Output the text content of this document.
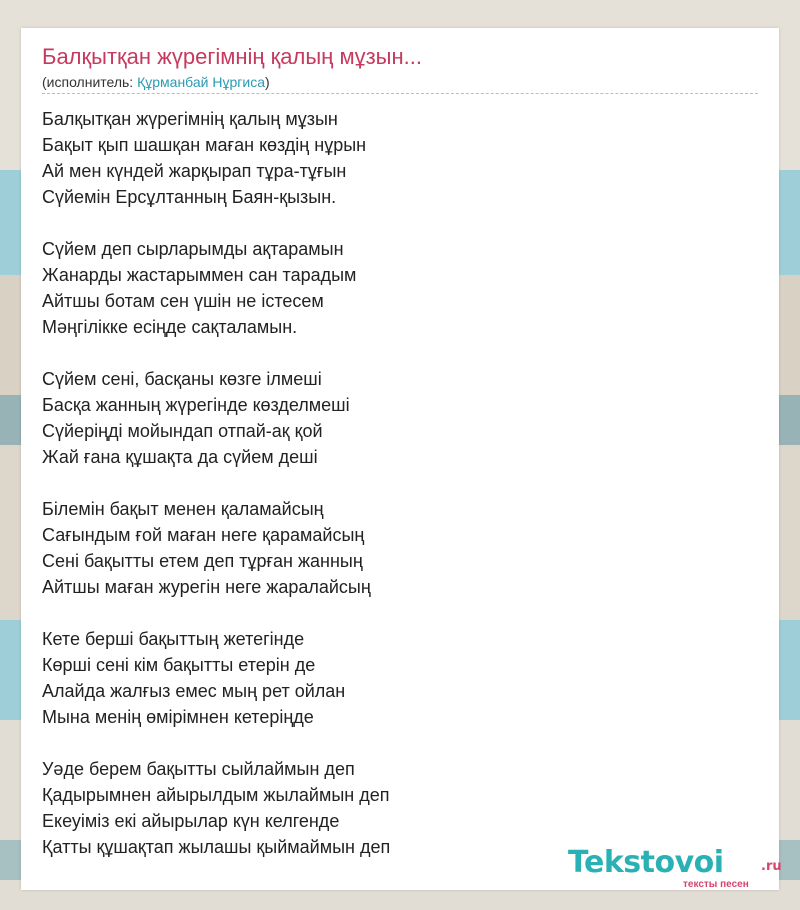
Балқытқан жүрегімнің қалың мұзын...
(исполнитель: Құрманбай Нұргиса)

Балқытқан жүрегімнің қалың мұзын
Бақыт қып шашқан маған көздің нұрын
Ай мен күндей жарқырап тұра-тұғын
Сүйемін Ерсұлтанның Баян-қызын.

Сүйем деп сырларымды ақтарамын
Жанарды жастарыммен сан тарадым
Айтшы ботам сен үшін не істесем
Мәңгілікке есіңде сақталамын.

Сүйем сені, басқаны көзге ілмеші
Басқа жанның жүрегінде көзделмеші
Сүйеріңді мойындап отпай-ақ қой
Жай ғана құшақта да сүйем деші

Білемін бақыт менен қаламайсың
Сағындым ғой маған неге қарамайсың
Сені бақытты етем деп тұрған жанның
Айтшы маған журегін неге жаралайсың

Кете берші бақыттың жетегінде
Көрші сені кім бақытты етерін де
Алайда жалғыз емес мың рет ойлан
Мына менің өмірімнен кетеріңде

Уәде берем бақытты сыйлаймын деп
Қадырымнен айырылдым жылаймын деп
Екеуіміз екі айырылар күн келгенде
Қатты құшақтап жылашы қыймаймын деп	Tekstovoi	.ru
тексты песен
